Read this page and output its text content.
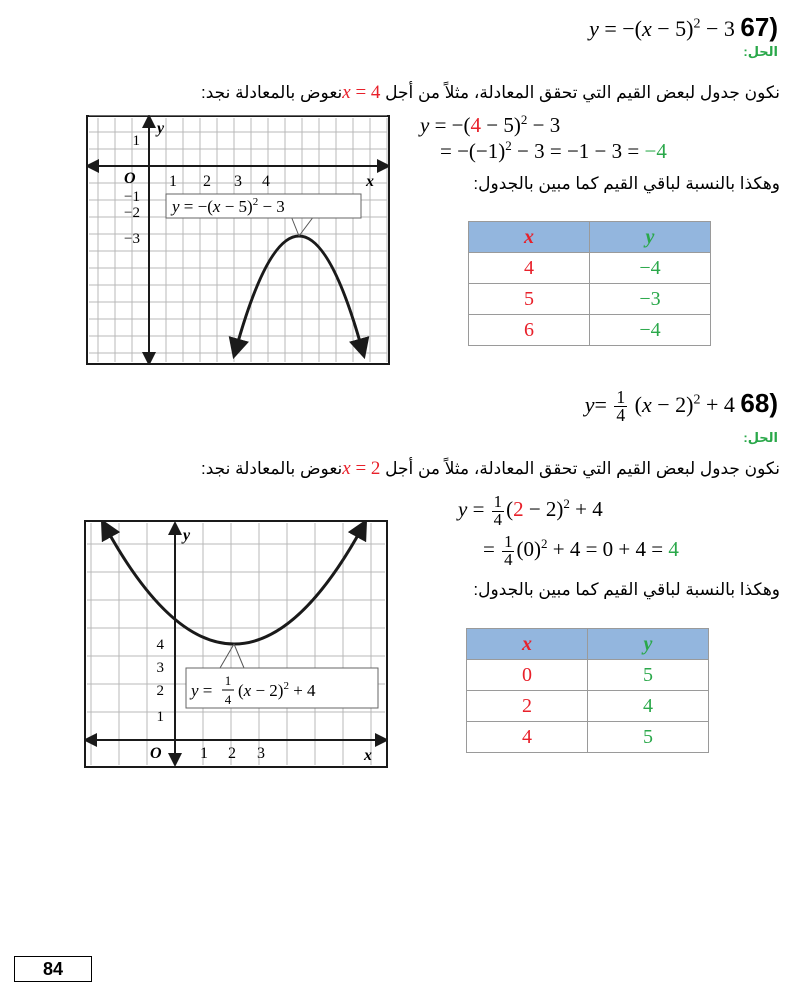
$y = -(x - 5)^2 - 3$ 67)
الحل:
نكون جدول لبعض القيم التي تحقق المعادلة، مثلاً من أجل 4x = نعوض بالمعادلة نجد:
$y = -(4 - 5)^2 - 3$
= $-(-1)^2 - 3 = -1 - 3 = -4$
وهكذا بالنسبة لباقي القيم كما مبين بالجدول:
x	y
4	−4
5	−3
6	−4
$y = -(x - 5)^2 - 3$
y
x
O 1 2 3 4
1
−1
−2
−3
$y= \frac{1}{4} (x - 2)^2 + 4$ 68)
الحل:
نكون جدول لبعض القيم التي تحقق المعادلة، مثلاً من أجل 2x = نعوض بالمعادلة نجد:
$y = \frac{1}{4} (2 - 2)^2 + 4$
= $\frac{1}{4} (0)^2 + 4 = 0 + 4 = 4$
وهكذا بالنسبة لباقي القيم كما مبين بالجدول:
x	y
0	5
2	4
4	5
y =
1
4 $(x - 2)^2 + 4$
y
x
O 1 2 3
4
3
2
1
84
